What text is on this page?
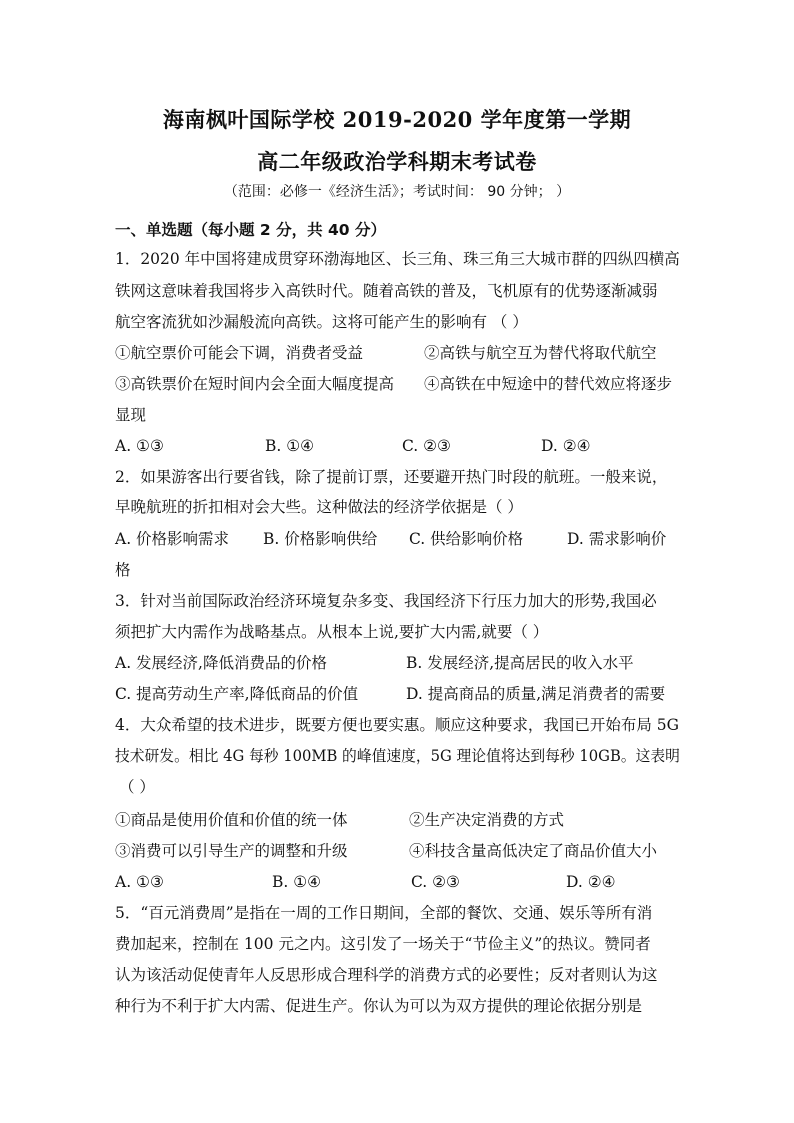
海南枫叶国际学校 2019-2020 学年度第一学期
高二年级政治学科期末考试卷
（范围：必修一《经济生活》；考试时间： 90 分钟； ）
一、单选题（每小题 2 分，共 40 分）
1．2020 年中国将建成贯穿环渤海地区、长三角、珠三角三大城市群的四纵四横高
铁网这意味着我国将步入高铁时代。随着高铁的普及，飞机原有的优势逐渐减弱
航空客流犹如沙漏般流向高铁。这将可能产生的影响有 （ ）
①航空票价可能会下调，消费者受益	②高铁与航空互为替代将取代航空
③高铁票价在短时间内会全面大幅度提高 ④高铁在中短途中的替代效应将逐步
显现
A. ①③	B. ①④	C. ②③	D. ②④
2．如果游客出行要省钱，除了提前订票，还要避开热门时段的航班。一般来说，
早晚航班的折扣相对会大些。这种做法的经济学依据是（ ）
A. 价格影响需求 B. 价格影响供给 C. 供给影响价格	D. 需求影响价
格
3．针对当前国际政治经济环境复杂多变、我国经济下行压力加大的形势,我国必
须把扩大内需作为战略基点。从根本上说,要扩大内需,就要（ ）
A. 发展经济,降低消费品的价格	B. 发展经济,提高居民的收入水平
C. 提高劳动生产率,降低商品的价值	D. 提高商品的质量,满足消费者的需要
4．大众希望的技术进步，既要方便也要实惠。顺应这种要求，我国已开始布局 5G
技术研发。相比 4G 每秒 100MB 的峰值速度，5G 理论值将达到每秒 10GB。这表明
（ ）
①商品是使用价值和价值的统一体	②生产决定消费的方式
③消费可以引导生产的调整和升级	④科技含量高低决定了商品价值大小
A. ①③	B. ①④	C. ②③	D. ②④
5．“百元消费周”是指在一周的工作日期间，全部的餐饮、交通、娱乐等所有消
费加起来，控制在 100 元之内。这引发了一场关于“节俭主义”的热议。赞同者
认为该活动促使青年人反思形成合理科学的消费方式的必要性；反对者则认为这
种行为不利于扩大内需、促进生产。你认为可以为双方提供的理论依据分别是
